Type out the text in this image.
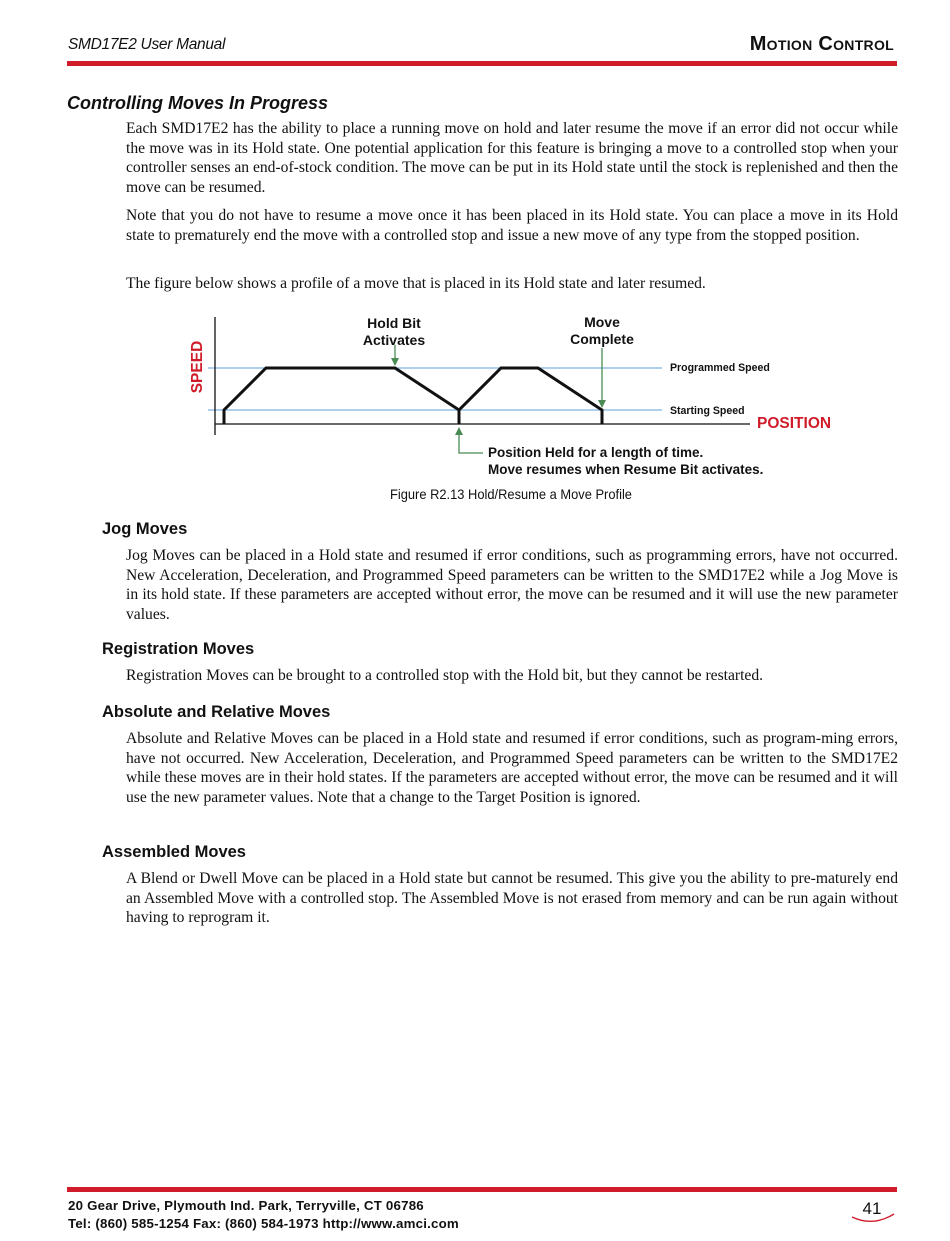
SMD17E2 User Manual	Motion Control
Controlling Moves In Progress

Each SMD17E2 has the ability to place a running move on hold and later resume the move if an error did not occur while the move was in its Hold state. One potential application for this feature is bringing a move to a controlled stop when your controller senses an end-of-stock condition. The move can be put in its Hold state until the stock is replenished and then the move can be resumed.

Note that you do not have to resume a move once it has been placed in its Hold state. You can place a move in its Hold state to prematurely end the move with a controlled stop and issue a new move of any type from the stopped position.

The figure below shows a profile of a move that is placed in its Hold state and later resumed.

Hold Bit
Activates
Move
Complete
Programmed Speed
Starting Speed
POSITION
SPEED
Position Held for a length of time.
Move resumes when Resume Bit activates.
Figure R2.13 Hold/Resume a Move Profile
Jog Moves

Jog Moves can be placed in a Hold state and resumed if error conditions, such as programming errors, have not occurred. New Acceleration, Deceleration, and Programmed Speed parameters can be written to the SMD17E2 while a Jog Move is in its hold state. If these parameters are accepted without error, the move can be resumed and it will use the new parameter values.

Registration Moves

Registration Moves can be brought to a controlled stop with the Hold bit, but they cannot be restarted.

Absolute and Relative Moves

Absolute and Relative Moves can be placed in a Hold state and resumed if error conditions, such as program-ming errors, have not occurred. New Acceleration, Deceleration, and Programmed Speed parameters can be written to the SMD17E2 while these moves are in their hold states. If the parameters are accepted without error, the move can be resumed and it will use the new parameter values. Note that a change to the Target Position is ignored.

Assembled Moves

A Blend or Dwell Move can be placed in a Hold state but cannot be resumed. This give you the ability to pre-maturely end an Assembled Move with a controlled stop. The Assembled Move is not erased from memory and can be run again without having to reprogram it.

20 Gear Drive, Plymouth Ind. Park, Terryville, CT 06786
Tel: (860) 585-1254 Fax: (860) 584-1973 http://www.amci.com
41
